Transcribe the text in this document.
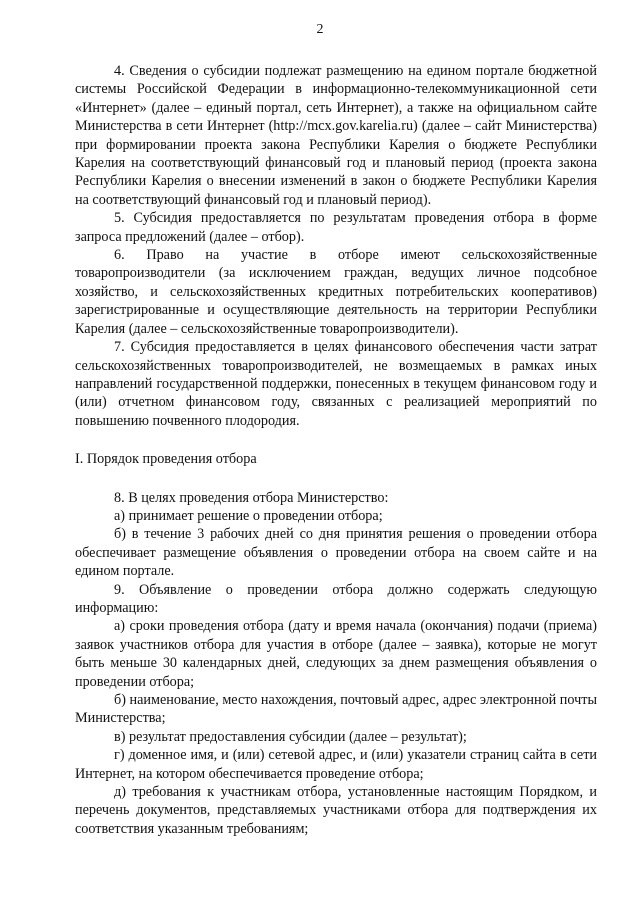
2

4. Сведения о субсидии подлежат размещению на едином портале бюджетной системы Российской Федерации в информационно-телекоммуникационной сети «Интернет» (далее – единый портал, сеть Интернет), а также на официальном сайте Министерства в сети Интернет (http://mcx.gov.karelia.ru) (далее – сайт Министерства) при формировании проекта закона Республики Карелия о бюджете Республики Карелия на соответствующий финансовый год и плановый период (проекта закона Республики Карелия о внесении изменений в закон о бюджете Республики Карелия на соответствующий финансовый год и плановый период).

5. Субсидия предоставляется по результатам проведения отбора в форме запроса предложений (далее – отбор).

6. Право на участие в отборе имеют сельскохозяйственные товаропроизводители (за исключением граждан, ведущих личное подсобное хозяйство, и сельскохозяйственных кредитных потребительских кооперативов) зарегистрированные и осуществляющие деятельность на территории Республики Карелия (далее – сельскохозяйственные товаропроизводители).

7. Субсидия предоставляется в целях финансового обеспечения части затрат сельскохозяйственных товаропроизводителей, не возмещаемых в рамках иных направлений государственной поддержки, понесенных в текущем финансовом году и (или) отчетном финансовом году, связанных с реализацией мероприятий по повышению почвенного плодородия.

I. Порядок проведения отбора

8. В целях проведения отбора Министерство:

а) принимает решение о проведении отбора;

б) в течение 3 рабочих дней со дня принятия решения о проведении отбора обеспечивает размещение объявления о проведении отбора на своем сайте и на едином портале.

9. Объявление о проведении отбора должно содержать следующую информацию:

а) сроки проведения отбора (дату и время начала (окончания) подачи (приема) заявок участников отбора для участия в отборе (далее – заявка), которые не могут быть меньше 30 календарных дней, следующих за днем размещения объявления о проведении отбора;

б) наименование, место нахождения, почтовый адрес, адрес электронной почты Министерства;

в) результат предоставления субсидии (далее – результат);

г) доменное имя, и (или) сетевой адрес, и (или) указатели страниц сайта в сети Интернет, на котором обеспечивается проведение отбора;

д) требования к участникам отбора, установленные настоящим Порядком, и перечень документов, представляемых участниками отбора для подтверждения их соответствия указанным требованиям;
